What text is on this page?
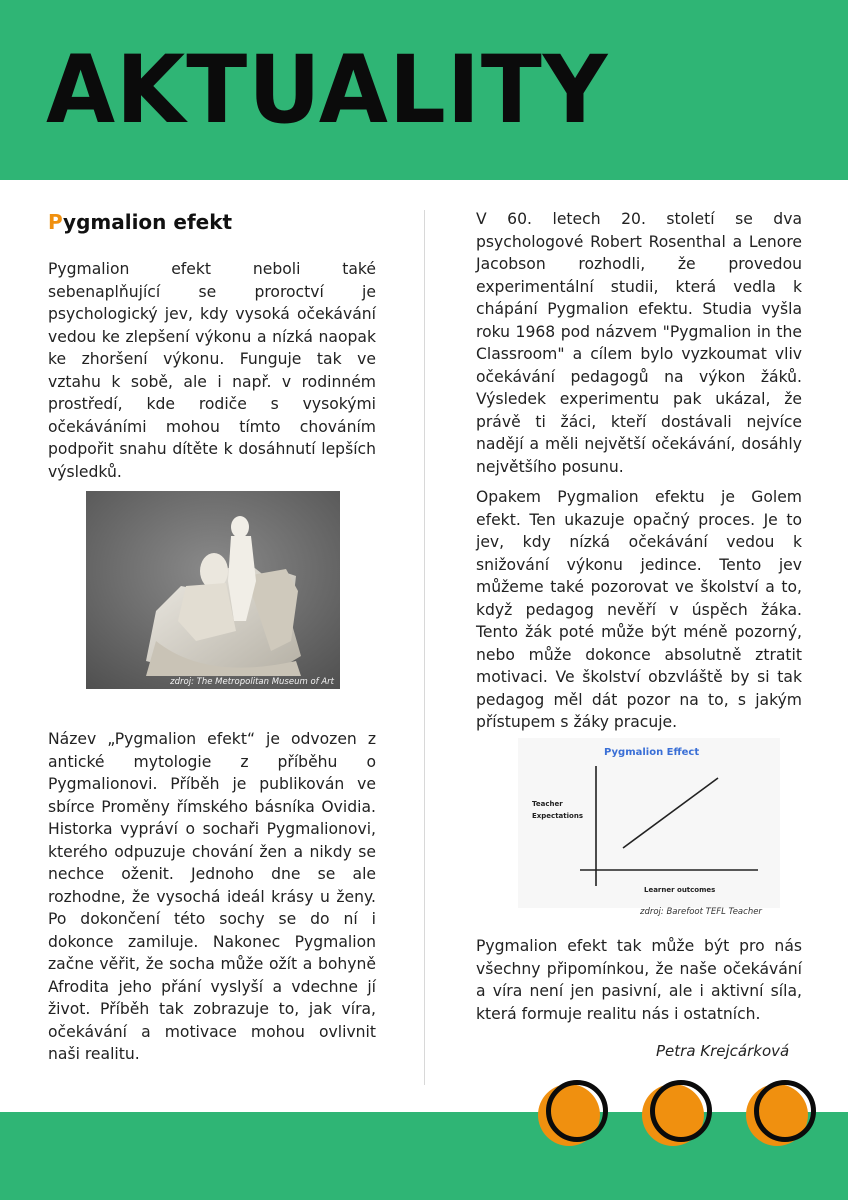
AKTUALITY
Pygmalion efekt

Pygmalion efekt neboli také sebenaplňující se proroctví je psychologický jev, kdy vysoká očekávání vedou ke zlepšení výkonu a nízká naopak ke zhoršení výkonu. Funguje tak ve vztahu k sobě, ale i např. v rodinném prostředí, kde rodiče s vysokými očekáváními mohou tímto chováním podpořit snahu dítěte k dosáhnutí lepších výsledků.

zdroj: The Metropolitan Museum of Art

Název „Pygmalion efekt“ je odvozen z antické mytologie z příběhu o Pygmalionovi. Příběh je publikován ve sbírce Proměny římského básníka Ovidia. Historka vypráví o sochaři Pygmalionovi, kterého odpuzuje chování žen a nikdy se nechce oženit. Jednoho dne se ale rozhodne, že vysochá ideál krásy u ženy. Po dokončení této sochy se do ní i dokonce zamiluje. Nakonec Pygmalion začne věřit, že socha může ožít a bohyně Afrodita jeho přání vyslyší a vdechne jí život. Příběh tak zobrazuje to, jak víra, očekávání a motivace mohou ovlivnit naši realitu.

V 60. letech 20. století se dva psychologové Robert Rosenthal a Lenore Jacobson rozhodli, že provedou experimentální studii, která vedla k chápání Pygmalion efektu. Studia vyšla roku 1968 pod názvem "Pygmalion in the Classroom" a cílem bylo vyzkoumat vliv očekávání pedagogů na výkon žáků. Výsledek experimentu pak ukázal, že právě ti žáci, kteří dostávali nejvíce nadějí a měli největší očekávání, dosáhly největšího posunu.

Opakem Pygmalion efektu je Golem efekt. Ten ukazuje opačný proces. Je to jev, kdy nízká očekávání vedou k snižování výkonu jedince. Tento jev můžeme také pozorovat ve školství a to, když pedagog nevěří v úspěch žáka. Tento žák poté může být méně pozorný, nebo může dokonce absolutně ztratit motivaci. Ve školství obzvláště by si tak pedagog měl dát pozor na to, s jakým přístupem s žáky pracuje.

Pygmalion Effect
Teacher
Expectations
Learner outcomes
zdroj: Barefoot TEFL Teacher

Pygmalion efekt tak může být pro nás všechny připomínkou, že naše očekávání a víra není jen pasivní, ale i aktivní síla, která formuje realitu nás i ostatních.

Petra Krejcárková
